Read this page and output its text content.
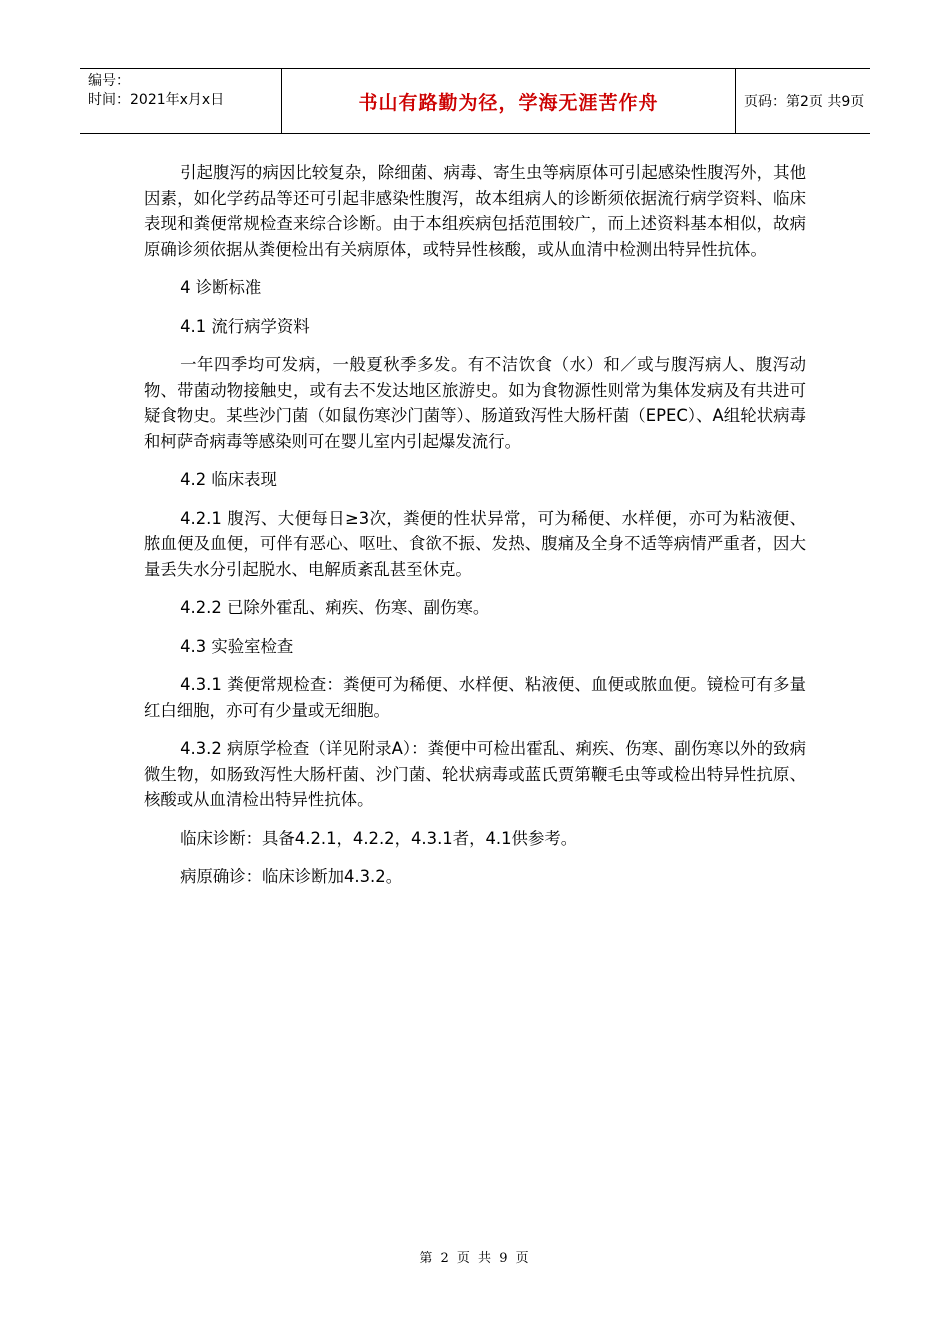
编号：
时间：2021年x月x日	书山有路勤为径，学海无涯苦作舟	页码：第2页 共9页

引起腹泻的病因比较复杂，除细菌、病毒、寄生虫等病原体可引起感染性腹泻外，其他因素，如化学药品等还可引起非感染性腹泻，故本组病人的诊断须依据流行病学资料、临床表现和粪便常规检查来综合诊断。由于本组疾病包括范围较广，而上述资料基本相似，故病原确诊须依据从粪便检出有关病原体，或特异性核酸，或从血清中检测出特异性抗体。

4 诊断标准

4.1 流行病学资料

一年四季均可发病，一般夏秋季多发。有不洁饮食（水）和／或与腹泻病人、腹泻动物、带菌动物接触史，或有去不发达地区旅游史。如为食物源性则常为集体发病及有共进可疑食物史。某些沙门菌（如鼠伤寒沙门菌等）、肠道致泻性大肠杆菌（EPEC）、A组轮状病毒和柯萨奇病毒等感染则可在婴儿室内引起爆发流行。

4.2 临床表现

4.2.1 腹泻、大便每日≥3次，粪便的性状异常，可为稀便、水样便，亦可为粘液便、脓血便及血便，可伴有恶心、呕吐、食欲不振、发热、腹痛及全身不适等病情严重者，因大量丢失水分引起脱水、电解质紊乱甚至休克。

4.2.2 已除外霍乱、痢疾、伤寒、副伤寒。

4.3 实验室检查

4.3.1 粪便常规检查：粪便可为稀便、水样便、粘液便、血便或脓血便。镜检可有多量红白细胞，亦可有少量或无细胞。

4.3.2 病原学检查（详见附录A）：粪便中可检出霍乱、痢疾、伤寒、副伤寒以外的致病微生物，如肠致泻性大肠杆菌、沙门菌、轮状病毒或蓝氏贾第鞭毛虫等或检出特异性抗原、核酸或从血清检出特异性抗体。

临床诊断：具备4.2.1，4.2.2，4.3.1者，4.1供参考。

病原确诊：临床诊断加4.3.2。

第 2 页 共 9 页
